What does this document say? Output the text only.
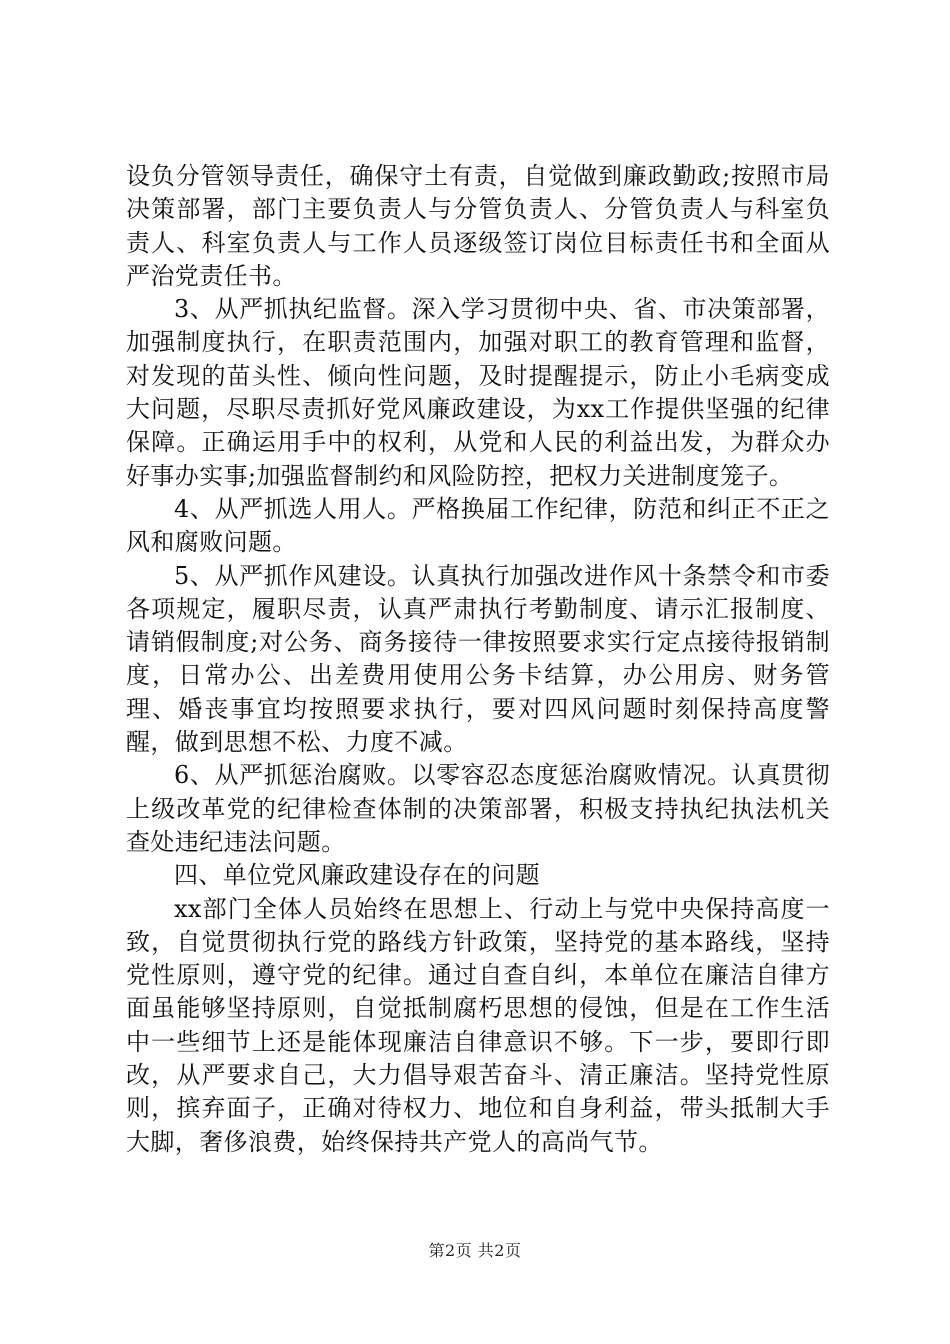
设负分管领导责任，确保守土有责，自觉做到廉政勤政;按照市局决策部署，部门主要负责人与分管负责人、分管负责人与科室负责人、科室负责人与工作人员逐级签订岗位目标责任书和全面从严治党责任书。

3、从严抓执纪监督。深入学习贯彻中央、省、市决策部署，加强制度执行，在职责范围内，加强对职工的教育管理和监督，对发现的苗头性、倾向性问题，及时提醒提示，防止小毛病变成大问题，尽职尽责抓好党风廉政建设，为xx工作提供坚强的纪律保障。正确运用手中的权利，从党和人民的利益出发，为群众办好事办实事;加强监督制约和风险防控，把权力关进制度笼子。

4、从严抓选人用人。严格换届工作纪律，防范和纠正不正之风和腐败问题。

5、从严抓作风建设。认真执行加强改进作风十条禁令和市委各项规定，履职尽责，认真严肃执行考勤制度、请示汇报制度、请销假制度;对公务、商务接待一律按照要求实行定点接待报销制度，日常办公、出差费用使用公务卡结算，办公用房、财务管理、婚丧事宜均按照要求执行，要对四风问题时刻保持高度警醒，做到思想不松、力度不减。

6、从严抓惩治腐败。以零容忍态度惩治腐败情况。认真贯彻上级改革党的纪律检查体制的决策部署，积极支持执纪执法机关查处违纪违法问题。

四、单位党风廉政建设存在的问题

xx部门全体人员始终在思想上、行动上与党中央保持高度一致，自觉贯彻执行党的路线方针政策，坚持党的基本路线，坚持党性原则，遵守党的纪律。通过自查自纠，本单位在廉洁自律方面虽能够坚持原则，自觉抵制腐朽思想的侵蚀，但是在工作生活中一些细节上还是能体现廉洁自律意识不够。下一步，要即行即改，从严要求自己，大力倡导艰苦奋斗、清正廉洁。坚持党性原则，摈弃面子，正确对待权力、地位和自身利益，带头抵制大手大脚，奢侈浪费，始终保持共产党人的高尚气节。

第2页 共2页
